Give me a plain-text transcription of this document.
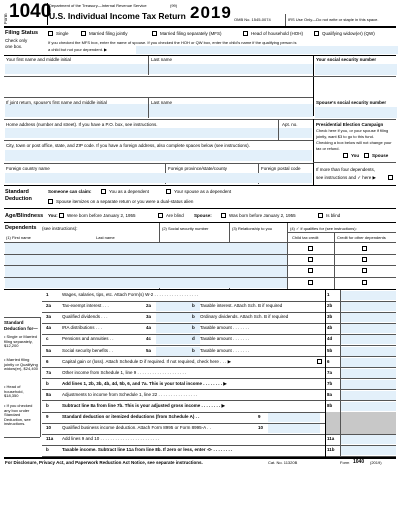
Form 1040
Department of the Treasury—Internal Revenue Service	(99)
U.S. Individual Income Tax Return 2019 OMB No. 1545-0074	IRS Use Only—Do not write or staple in this space.
Filing Status
Check only
one box.
Single	Married filing jointly	Married filing separately (MFS)	Head of household (HOH)	Qualifying widow(er) (QW)
If you checked the MFS box, enter the name of spouse. If you checked the HOH or QW box, enter the child's name if the qualifying person is
a child but not your dependent. ▶
Your first name and middle initial	Last name	Your social security number
If joint return, spouse's first name and middle initial	Last name	Spouse's social security number
Home address (number and street). If you have a P.O. box, see instructions.	Apt. no.
City, town or post office, state, and ZIP code. If you have a foreign address, also complete spaces below (see instructions).
Foreign country name	Foreign province/state/county	Foreign postal code
Presidential Election Campaign
Check here if you, or your spouse if filing
jointly, want $3 to go to this fund.
Checking a box below will not change your
tax or refund.
You	Spouse
If more than four dependents,
see instructions and ✓ here ▶
Standard
Deduction
Someone can claim:	You as a dependent	Your spouse as a dependent
Spouse itemizes on a separate return or you were a dual-status alien
Age/Blindness You: Were born before January 2, 1955	Are blind Spouse:	Was born before January 2, 1955	Is blind
Dependents (see instructions):
(1) First name	Last name
(2) Social security number	(3) Relationship to you	(4) ✓ if qualifies for (see instructions):
Child tax credit	Credit for other dependents
Standard
Deduction for—
• Single or Married filing separately, $12,200
• Married filing jointly or Qualifying widow(er), $24,400
• Head of household, $18,350
• If you checked any box under Standard Deduction, see instructions.
1	Wages, salaries, tips, etc. Attach Form(s) W-2 . . . . . . . . . . . . . . . . . .	1
2a Tax-exempt interest . . .	2a	b Taxable interest. Attach Sch. B if required	2b
3a Qualified dividends . . .	3a	b Ordinary dividends. Attach Sch. B if required	3b
4a IRA distributions . . .	4a	b Taxable amount . . . . . . .	4b
c	Pensions and annuities . .	4c	d Taxable amount . . . . . . .	4d
5a Social security benefits . .	5a	b Taxable amount . . . . . . .	5b
6	Capital gain or (loss). Attach Schedule D if required. If not required, check here . . . ▶	6
7a Other income from Schedule 1, line 9 . . . . . . . . . . . . . . . . . . . .	7a
b	Add lines 1, 2b, 3b, 4b, 4d, 5b, 6, and 7a. This is your total income . . . . . . . . ▶	7b
8a Adjustments to income from Schedule 1, line 22 . . . . . . . . . . . . . . . .	8a
b	Subtract line 8a from line 7b. This is your adjusted gross income . . . . . . . . ▶	8b
9	Standard deduction or itemized deductions (from Schedule A) . .	9
10 Qualified business income deduction. Attach Form 8995 or Form 8995-A . .	10
11a Add lines 9 and 10 . . . . . . . . . . . . . . . . . . . . . . . .	11a
b	Taxable income. Subtract line 11a from line 8b. If zero or less, enter -0- . . . . . . . .	11b
For Disclosure, Privacy Act, and Paperwork Reduction Act Notice, see separate instructions.	Cat. No. 11320B	Form 1040 (2019)
